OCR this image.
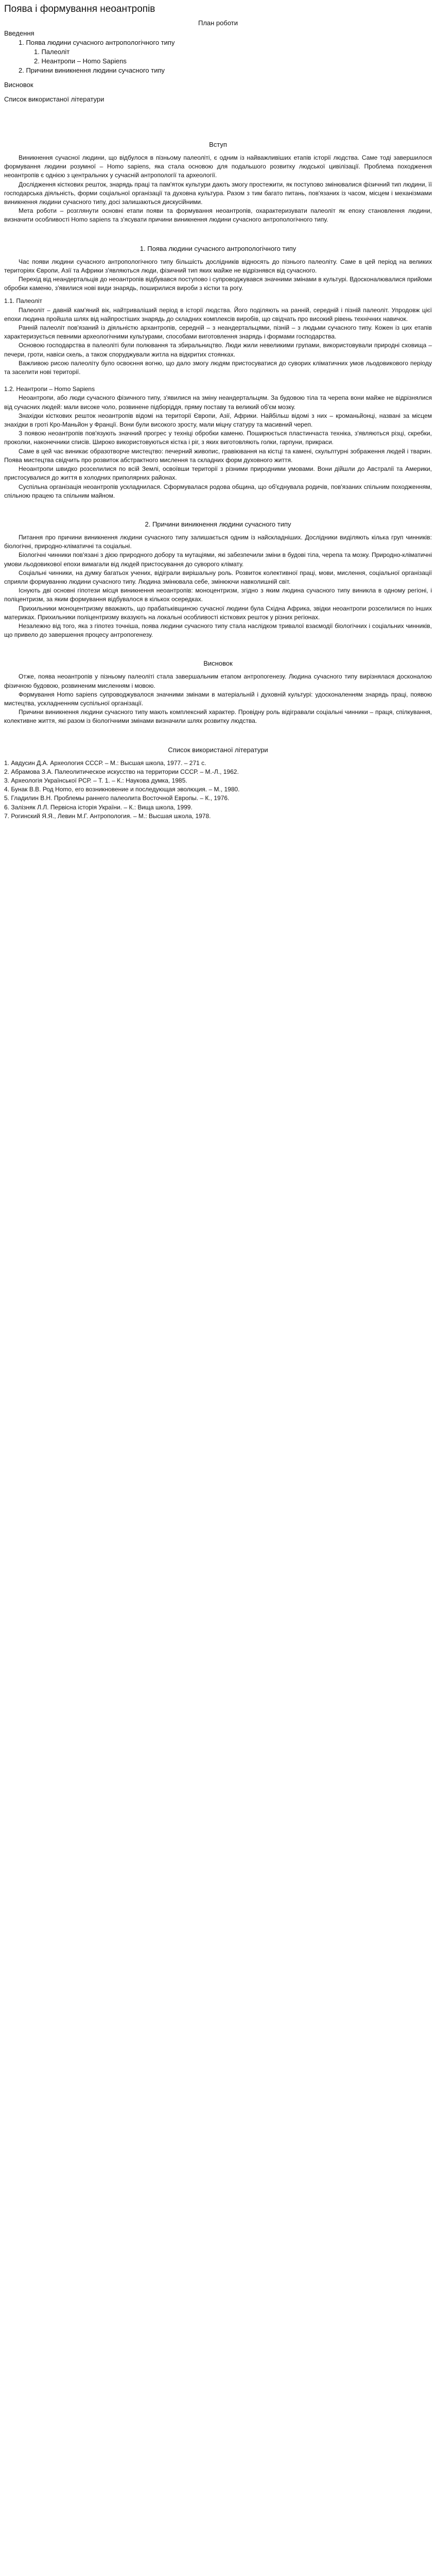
Поява і формування неоантропів
План роботи
Введення
1. Поява людини сучасного антропологічного типу
1. Палеоліт
2. Неантропи – Homo Sapiens
2. Причини виникнення людини сучасного типу
Висновок
Список використаної літератури
Вступ

Виникнення сучасної людини, що відбулося в пізньому палеоліті, є одним із найважливіших етапів історії людства. Саме тоді завершилося формування людини розумної – Homo sapiens, яка стала основою для подальшого розвитку людської цивілізації. Проблема походження неоантропів є однією з центральних у сучасній антропології та археології.

Дослідження кісткових решток, знарядь праці та пам'яток культури дають змогу простежити, як поступово змінювалися фізичний тип людини, її господарська діяльність, форми соціальної організації та духовна культура. Разом з тим багато питань, пов'язаних із часом, місцем і механізмами виникнення людини сучасного типу, досі залишаються дискусійними.

Мета роботи – розглянути основні етапи появи та формування неоантропів, охарактеризувати палеоліт як епоху становлення людини, визначити особливості Homo sapiens та з'ясувати причини виникнення людини сучасного антропологічного типу.

1. Поява людини сучасного антропологічного типу

Час появи людини сучасного антропологічного типу більшість дослідників відносять до пізнього палеоліту. Саме в цей період на великих територіях Європи, Азії та Африки з'являються люди, фізичний тип яких майже не відрізнявся від сучасного.

Перехід від неандертальців до неоантропів відбувався поступово і супроводжувався значними змінами в культурі. Вдосконалювалися прийоми обробки каменю, з'явилися нові види знарядь, поширилися вироби з кістки та рогу.

1.1. Палеоліт

Палеоліт – давній кам'яний вік, найтриваліший період в історії людства. Його поділяють на ранній, середній і пізній палеоліт. Упродовж цієї епохи людина пройшла шлях від найпростіших знарядь до складних комплексів виробів, що свідчать про високий рівень технічних навичок.

Ранній палеоліт пов'язаний із діяльністю архантропів, середній – з неандертальцями, пізній – з людьми сучасного типу. Кожен із цих етапів характеризується певними археологічними культурами, способами виготовлення знарядь і формами господарства.

Основою господарства в палеоліті були полювання та збиральництво. Люди жили невеликими групами, використовували природні сховища – печери, гроти, навіси скель, а також споруджували житла на відкритих стоянках.

Важливою рисою палеоліту було освоєння вогню, що дало змогу людям пристосуватися до суворих кліматичних умов льодовикового періоду та заселити нові території.

1.2. Неантропи – Homo Sapiens

Неоантропи, або люди сучасного фізичного типу, з'явилися на зміну неандертальцям. За будовою тіла та черепа вони майже не відрізнялися від сучасних людей: мали високе чоло, розвинене підборіддя, пряму поставу та великий об'єм мозку.

Знахідки кісткових решток неоантропів відомі на території Європи, Азії, Африки. Найбільш відомі з них – кроманьйонці, названі за місцем знахідки в гроті Кро-Маньйон у Франції. Вони були високого зросту, мали міцну статуру та масивний череп.

З появою неоантропів пов'язують значний прогрес у техніці обробки каменю. Поширюється пластинчаста техніка, з'являються різці, скребки, проколки, наконечники списів. Широко використовуються кістка і ріг, з яких виготовляють голки, гарпуни, прикраси.

Саме в цей час виникає образотворче мистецтво: печерний живопис, гравіювання на кістці та камені, скульптурні зображення людей і тварин. Поява мистецтва свідчить про розвиток абстрактного мислення та складних форм духовного життя.

Неоантропи швидко розселилися по всій Землі, освоївши території з різними природними умовами. Вони дійшли до Австралії та Америки, пристосувалися до життя в холодних приполярних районах.

Суспільна організація неоантропів ускладнилася. Сформувалася родова община, що об'єднувала родичів, пов'язаних спільним походженням, спільною працею та спільним майном.

2. Причини виникнення людини сучасного типу

Питання про причини виникнення людини сучасного типу залишається одним із найскладніших. Дослідники виділяють кілька груп чинників: біологічні, природно-кліматичні та соціальні.

Біологічні чинники пов'язані з дією природного добору та мутаціями, які забезпечили зміни в будові тіла, черепа та мозку. Природно-кліматичні умови льодовикової епохи вимагали від людей пристосування до суворого клімату.

Соціальні чинники, на думку багатьох учених, відіграли вирішальну роль. Розвиток колективної праці, мови, мислення, соціальної організації сприяли формуванню людини сучасного типу. Людина змінювала себе, змінюючи навколишній світ.

Існують дві основні гіпотези місця виникнення неоантропів: моноцентризм, згідно з яким людина сучасного типу виникла в одному регіоні, і поліцентризм, за яким формування відбувалося в кількох осередках.

Прихильники моноцентризму вважають, що прабатьківщиною сучасної людини була Східна Африка, звідки неоантропи розселилися по інших материках. Прихильники поліцентризму вказують на локальні особливості кісткових решток у різних регіонах.

Незалежно від того, яка з гіпотез точніша, поява людини сучасного типу стала наслідком тривалої взаємодії біологічних і соціальних чинників, що привело до завершення процесу антропогенезу.

Висновок

Отже, поява неоантропів у пізньому палеоліті стала завершальним етапом антропогенезу. Людина сучасного типу вирізнялася досконалою фізичною будовою, розвиненим мисленням і мовою.

Формування Homo sapiens супроводжувалося значними змінами в матеріальній і духовній культурі: удосконаленням знарядь праці, появою мистецтва, ускладненням суспільної організації.

Причини виникнення людини сучасного типу мають комплексний характер. Провідну роль відігравали соціальні чинники – праця, спілкування, колективне життя, які разом із біологічними змінами визначили шлях розвитку людства.

Список використаної літератури

1. Авдусин Д.А. Археология СССР. – М.: Высшая школа, 1977. – 271 с.

2. Абрамова З.А. Палеолитическое искусство на территории СССР. – М.-Л., 1962.

3. Археологія Української РСР. – Т. 1. – К.: Наукова думка, 1985.

4. Бунак В.В. Род Homo, его возникновение и последующая эволюция. – М., 1980.

5. Гладилин В.Н. Проблемы раннего палеолита Восточной Европы. – К., 1976.

6. Залізняк Л.Л. Первісна історія України. – К.: Вища школа, 1999.

7. Рогинский Я.Я., Левин М.Г. Антропология. – М.: Высшая школа, 1978.
